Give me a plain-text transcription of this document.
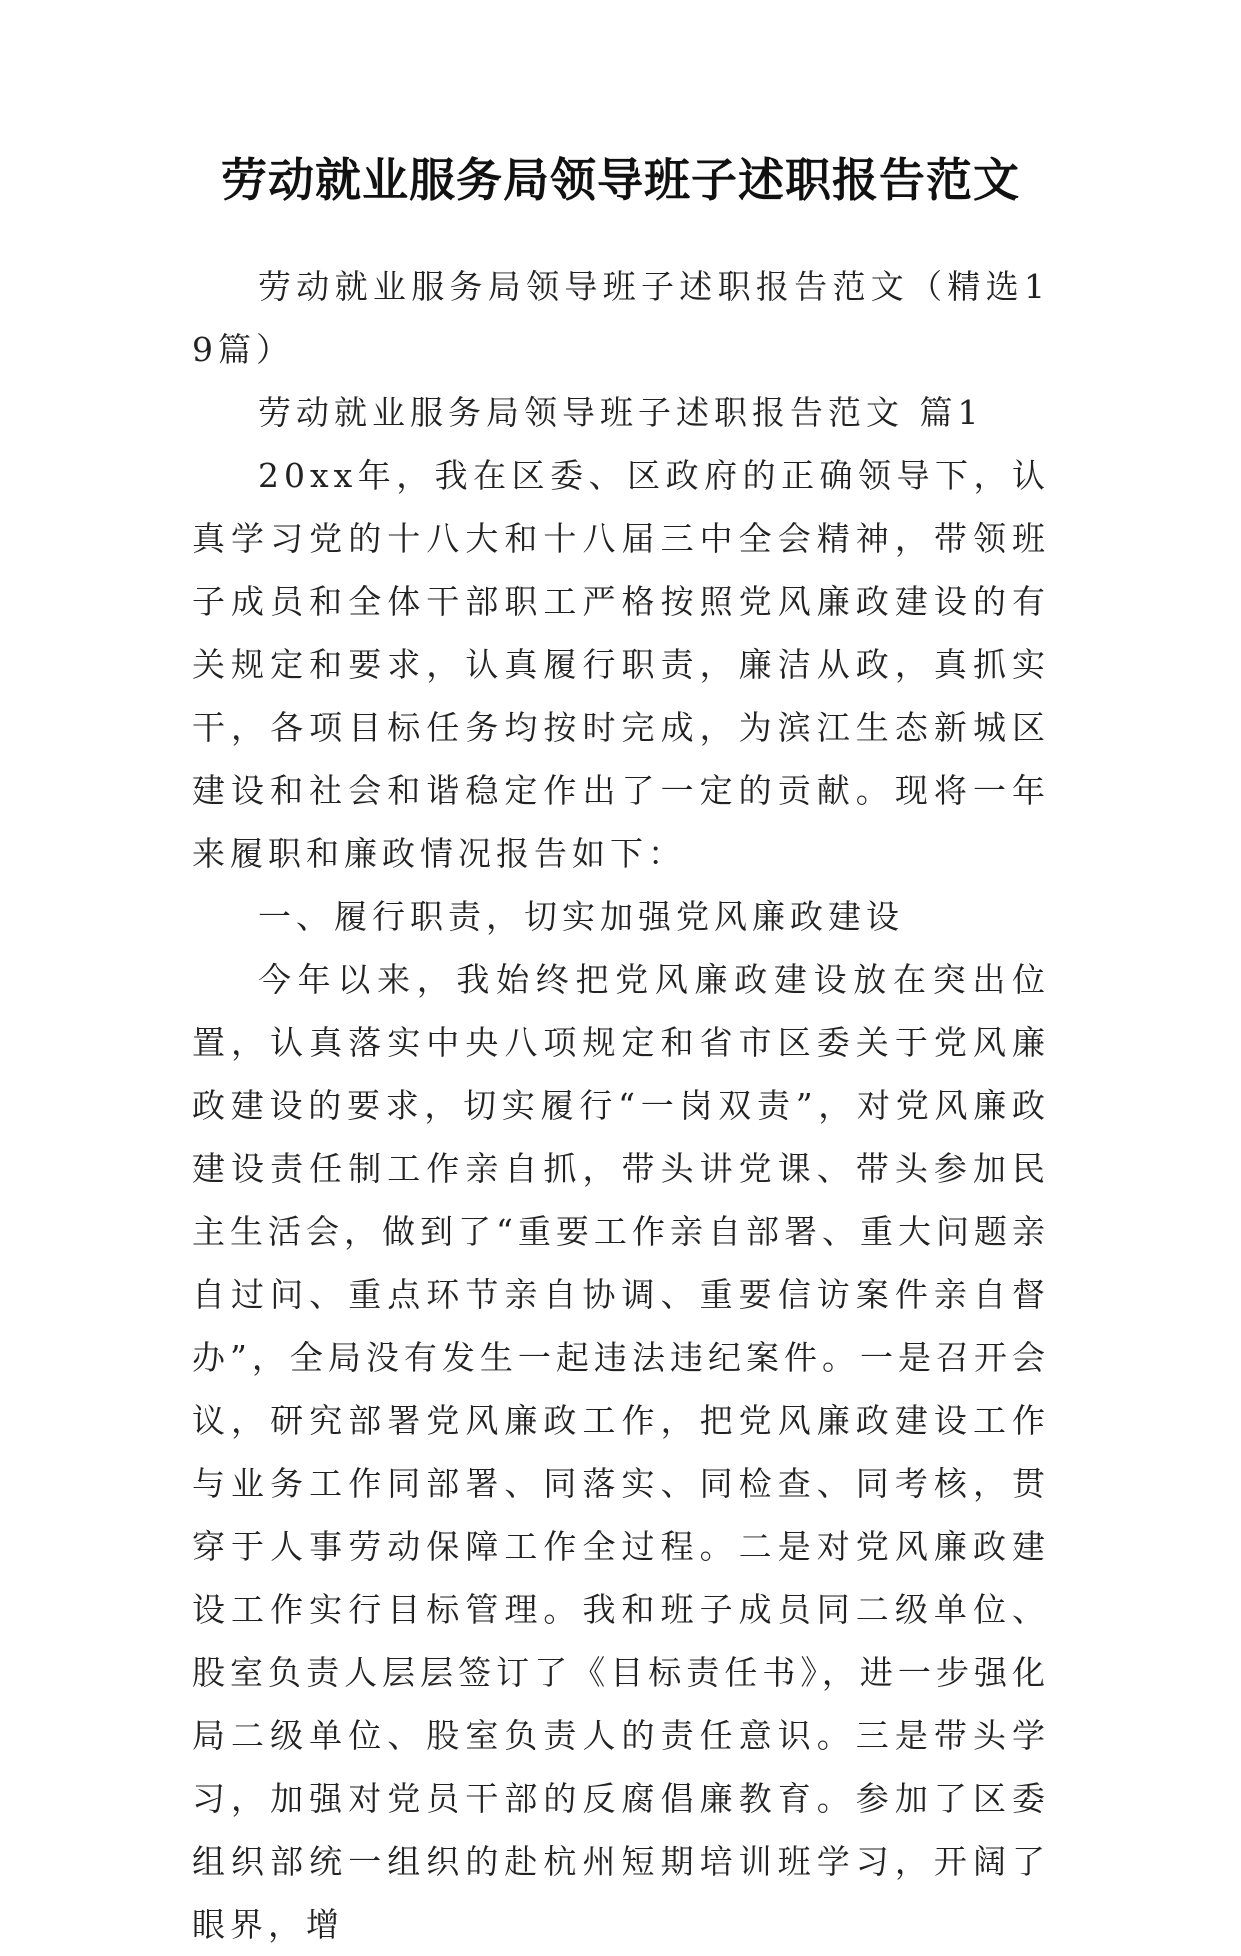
劳动就业服务局领导班子述职报告范文

劳动就业服务局领导班子述职报告范文（精选19篇）

劳动就业服务局领导班子述职报告范文 篇1

20xx年，我在区委、区政府的正确领导下，认真学习党的十八大和十八届三中全会精神，带领班子成员和全体干部职工严格按照党风廉政建设的有关规定和要求，认真履行职责，廉洁从政，真抓实干，各项目标任务均按时完成，为滨江生态新城区建设和社会和谐稳定作出了一定的贡献。现将一年来履职和廉政情况报告如下：

一、履行职责，切实加强党风廉政建设

今年以来，我始终把党风廉政建设放在突出位置，认真落实中央八项规定和省市区委关于党风廉政建设的要求，切实履行“一岗双责”，对党风廉政建设责任制工作亲自抓，带头讲党课、带头参加民主生活会，做到了“重要工作亲自部署、重大问题亲自过问、重点环节亲自协调、重要信访案件亲自督办”，全局没有发生一起违法违纪案件。一是召开会议，研究部署党风廉政工作，把党风廉政建设工作与业务工作同部署、同落实、同检查、同考核，贯穿于人事劳动保障工作全过程。二是对党风廉政建设工作实行目标管理。我和班子成员同二级单位、股室负责人层层签订了《目标责任书》，进一步强化局二级单位、股室负责人的责任意识。三是带头学习，加强对党员干部的反腐倡廉教育。参加了区委组织部统一组织的赴杭州短期培训班学习，开阔了眼界，增
